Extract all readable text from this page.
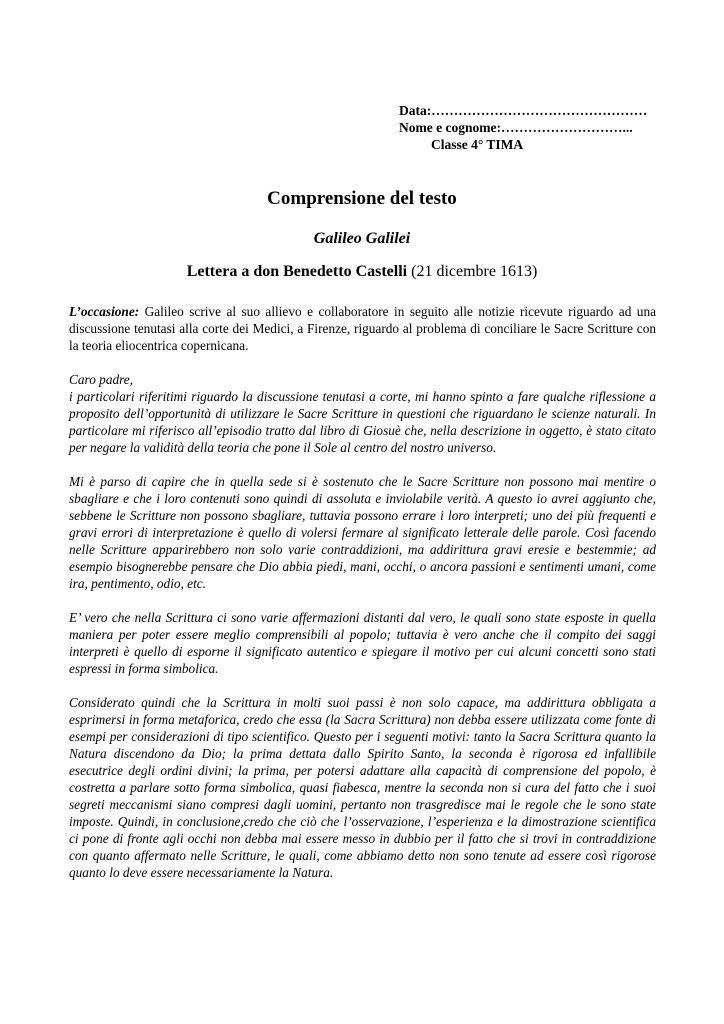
Data:…………………………………………
Nome e cognome:………………………...
Classe 4° TIMA
Comprensione del testo
Galileo Galilei
Lettera a don Benedetto Castelli (21 dicembre 1613)

L’occasione: Galileo scrive al suo allievo e collaboratore in seguito alle notizie ricevute riguardo ad una discussione tenutasi alla corte dei Medici, a Firenze, riguardo al problema di conciliare le Sacre Scritture con la teoria eliocentrica copernicana.

Caro padre,
i particolari riferitimi riguardo la discussione tenutasi a corte, mi hanno spinto a fare qualche riflessione a proposito dell’opportunità di utilizzare le Sacre Scritture in questioni che riguardano le scienze naturali. In particolare mi riferisco all’episodio tratto dal libro di Giosuè che, nella descrizione in oggetto, è stato citato per negare la validità della teoria che pone il Sole al centro del nostro universo.

Mi è parso di capire che in quella sede si è sostenuto che le Sacre Scritture non possono mai mentire o sbagliare e che i loro contenuti sono quindi di assoluta e inviolabile verità. A questo io avrei aggiunto che, sebbene le Scritture non possono sbagliare, tuttavia possono errare i loro interpreti; uno dei più frequenti e gravi errori di interpretazione è quello di volersi fermare al significato letterale delle parole. Così facendo nelle Scritture apparirebbero non solo varie contraddizioni, ma addirittura gravi eresie e bestemmie; ad esempio bisognerebbe pensare che Dio abbia piedi, mani, occhi, o ancora passioni e sentimenti umani, come ira, pentimento, odio, etc.

E’ vero che nella Scrittura ci sono varie affermazioni distanti dal vero, le quali sono state esposte in quella maniera per poter essere meglio comprensibili al popolo; tuttavia è vero anche che il compito dei saggi interpreti è quello di esporne il significato autentico e spiegare il motivo per cui alcuni concetti sono stati espressi in forma simbolica.

Considerato quindi che la Scrittura in molti suoi passi è non solo capace, ma addirittura obbligata a esprimersi in forma metaforica, credo che essa (la Sacra Scrittura) non debba essere utilizzata come fonte di esempi per considerazioni di tipo scientifico. Questo per i seguenti motivi: tanto la Sacra Scrittura quanto la Natura discendono da Dio; la prima dettata dallo Spirito Santo, la seconda è rigorosa ed infallibile esecutrice degli ordini divini; la prima, per potersi adattare alla capacità di comprensione del popolo, è costretta a parlare sotto forma simbolica, quasi fiabesca, mentre la seconda non si cura del fatto che i suoi segreti meccanismi siano compresi dagli uomini, pertanto non trasgredisce mai le regole che le sono state imposte. Quindi, in conclusione,credo che ciò che l’osservazione, l’esperienza e la dimostrazione scientifica ci pone di fronte agli occhi non debba mai essere messo in dubbio per il fatto che si trovi in contraddizione con quanto affermato nelle Scritture, le quali, come abbiamo detto non sono tenute ad essere così rigorose quanto lo deve essere necessariamente la Natura.
